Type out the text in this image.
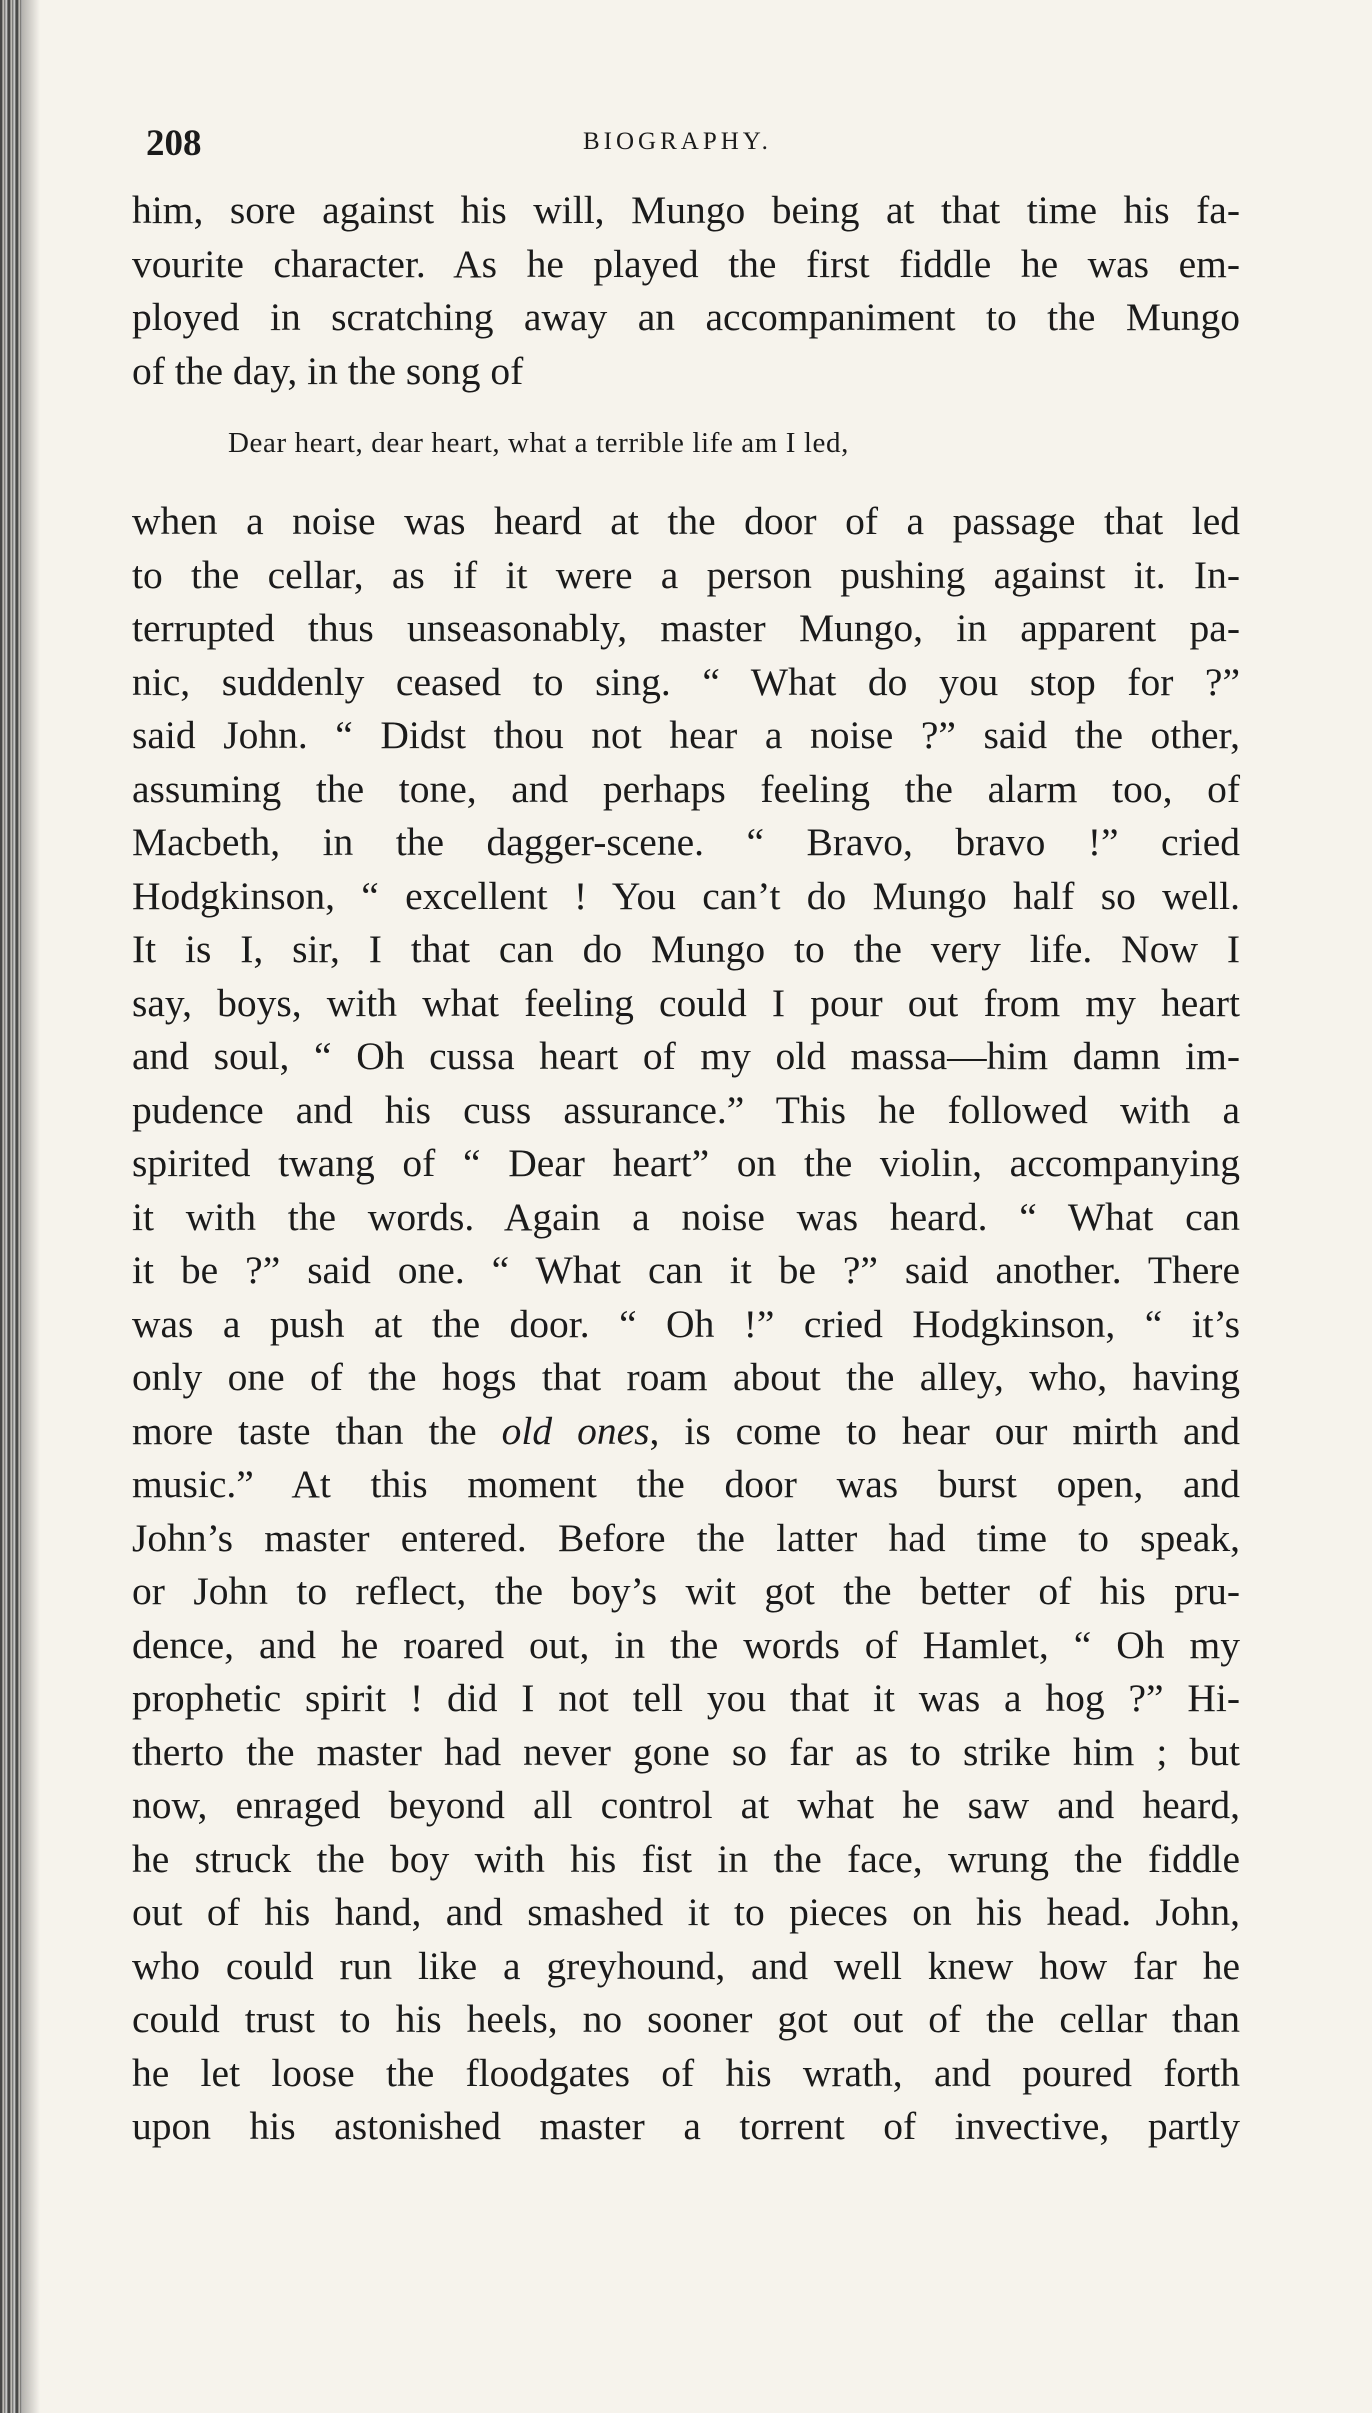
208	BIOGRAPHY.
him, sore against his will, Mungo being at that time his fa-
vourite character. As he played the first fiddle he was em-
ployed in scratching away an accompaniment to the Mungo
of the day, in the song of
Dear heart, dear heart, what a terrible life am I led,
when a noise was heard at the door of a passage that led
to the cellar, as if it were a person pushing against it. In-
terrupted thus unseasonably, master Mungo, in apparent pa-
nic, suddenly ceased to sing. “ What do you stop for ?”
said John. “ Didst thou not hear a noise ?” said the other,
assuming the tone, and perhaps feeling the alarm too, of
Macbeth, in the dagger-scene. “ Bravo, bravo !” cried
Hodgkinson, “ excellent ! You can’t do Mungo half so well.
It is I, sir, I that can do Mungo to the very life. Now I
say, boys, with what feeling could I pour out from my heart
and soul, “ Oh cussa heart of my old massa—him damn im-
pudence and his cuss assurance.” This he followed with a
spirited twang of “ Dear heart” on the violin, accompanying
it with the words. Again a noise was heard. “ What can
it be ?” said one. “ What can it be ?” said another. There
was a push at the door. “ Oh !” cried Hodgkinson, “ it’s
only one of the hogs that roam about the alley, who, having
more taste than the old ones, is come to hear our mirth and
music.” At this moment the door was burst open, and
John’s master entered. Before the latter had time to speak,
or John to reflect, the boy’s wit got the better of his pru-
dence, and he roared out, in the words of Hamlet, “ Oh my
prophetic spirit ! did I not tell you that it was a hog ?” Hi-
therto the master had never gone so far as to strike him ; but
now, enraged beyond all control at what he saw and heard,
he struck the boy with his fist in the face, wrung the fiddle
out of his hand, and smashed it to pieces on his head. John,
who could run like a greyhound, and well knew how far he
could trust to his heels, no sooner got out of the cellar than
he let loose the floodgates of his wrath, and poured forth
upon his astonished master a torrent of invective, partly
